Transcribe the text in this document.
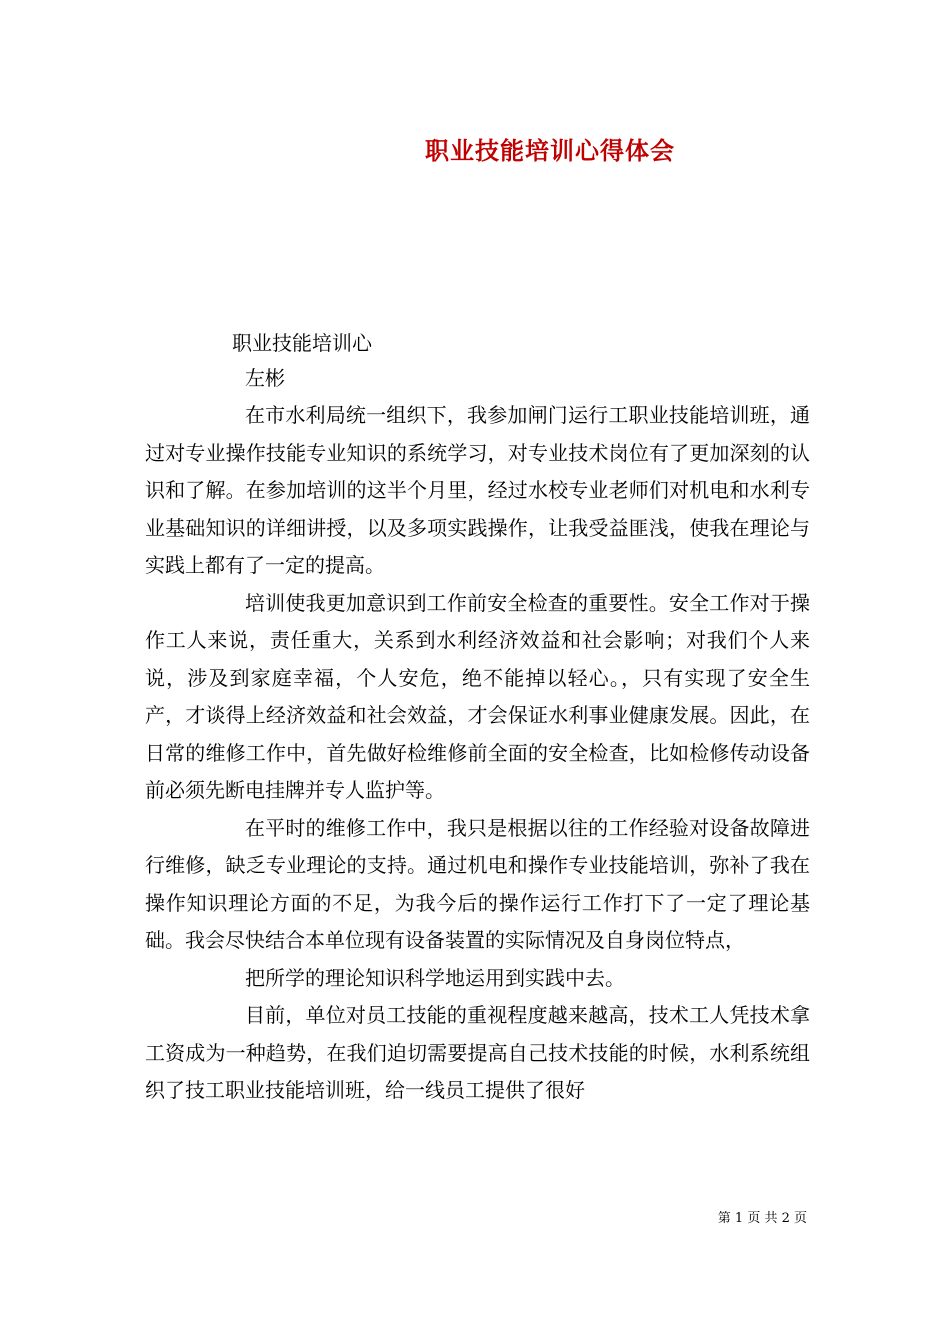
职业技能培训心得体会
职业技能培训心
左彬

在市水利局统一组织下，我参加闸门运行工职业技能培训班，通过对专业操作技能专业知识的系统学习，对专业技术岗位有了更加深刻的认识和了解。在参加培训的这半个月里，经过水校专业老师们对机电和水利专业基础知识的详细讲授，以及多项实践操作，让我受益匪浅，使我在理论与实践上都有了一定的提高。

培训使我更加意识到工作前安全检查的重要性。安全工作对于操作工人来说，责任重大，关系到水利经济效益和社会影响；对我们个人来说，涉及到家庭幸福，个人安危，绝不能掉以轻心。，只有实现了安全生产，才谈得上经济效益和社会效益，才会保证水利事业健康发展。因此，在日常的维修工作中，首先做好检维修前全面的安全检查，比如检修传动设备前必须先断电挂牌并专人监护等。

在平时的维修工作中，我只是根据以往的工作经验对设备故障进行维修，缺乏专业理论的支持。通过机电和操作专业技能培训，弥补了我在操作知识理论方面的不足，为我今后的操作运行工作打下了一定了理论基础。我会尽快结合本单位现有设备装置的实际情况及自身岗位特点，

把所学的理论知识科学地运用到实践中去。

目前，单位对员工技能的重视程度越来越高，技术工人凭技术拿工资成为一种趋势，在我们迫切需要提高自己技术技能的时候，水利系统组织了技工职业技能培训班，给一线员工提供了很好

第 1 页 共 2 页
